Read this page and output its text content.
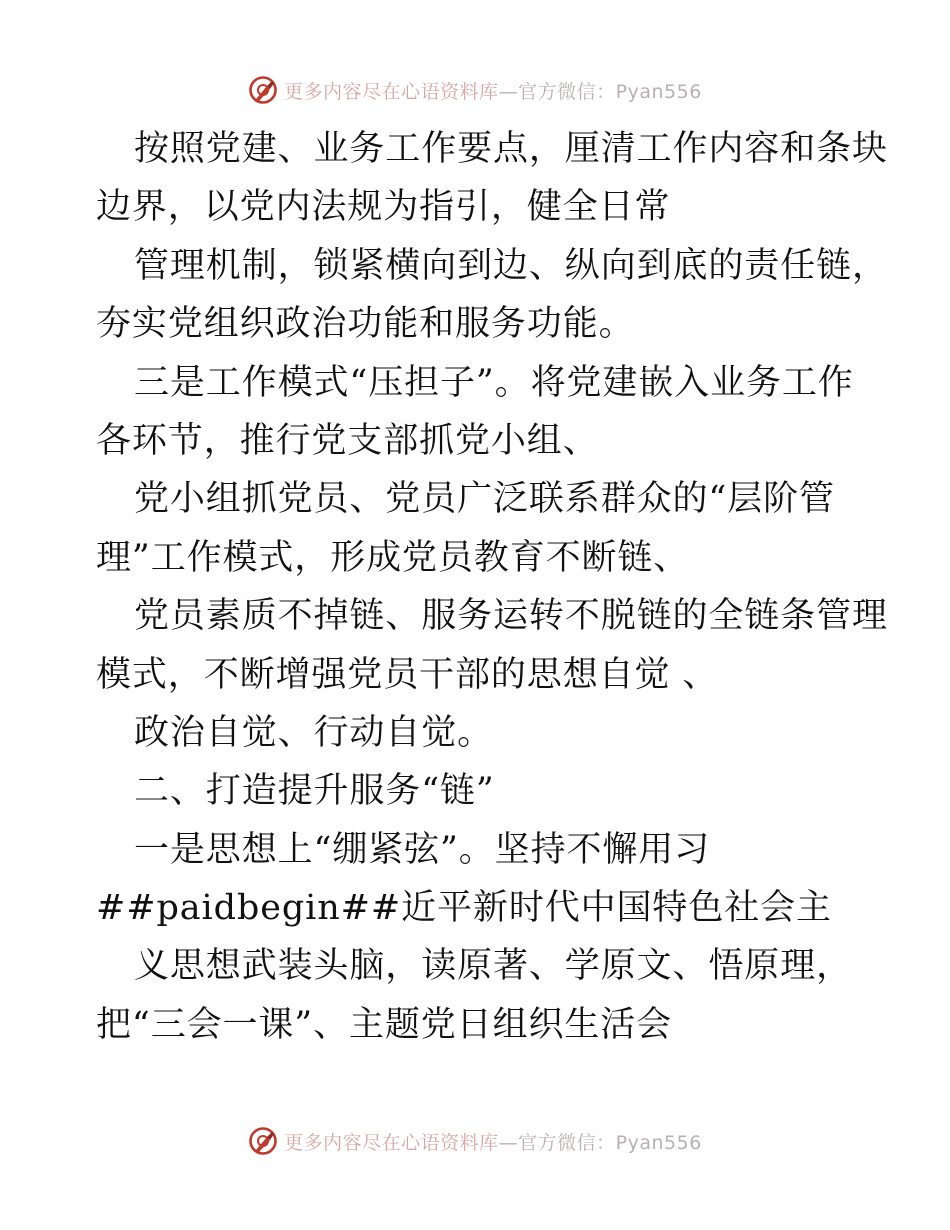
更多内容尽在心语资料库—官方微信：Pyan556
按照党建、业务工作要点，厘清工作内容和条块
边界，以党内法规为指引，健全日常
管理机制，锁紧横向到边、纵向到底的责任链，
夯实党组织政治功能和服务功能。
三是工作模式“压担子”。将党建嵌入业务工作
各环节，推行党支部抓党小组、
党小组抓党员、党员广泛联系群众的“层阶管
理”工作模式，形成党员教育不断链、
党员素质不掉链、服务运转不脱链的全链条管理
模式，不断增强党员干部的思想自觉 、
政治自觉、行动自觉。
二、打造提升服务“链”
一是思想上“绷紧弦”。坚持不懈用习
##paidbegin##近平新时代中国特色社会主
义思想武装头脑，读原著、学原文、悟原理，
把“三会一课”、主题党日组织生活会
更多内容尽在心语资料库—官方微信：Pyan556
